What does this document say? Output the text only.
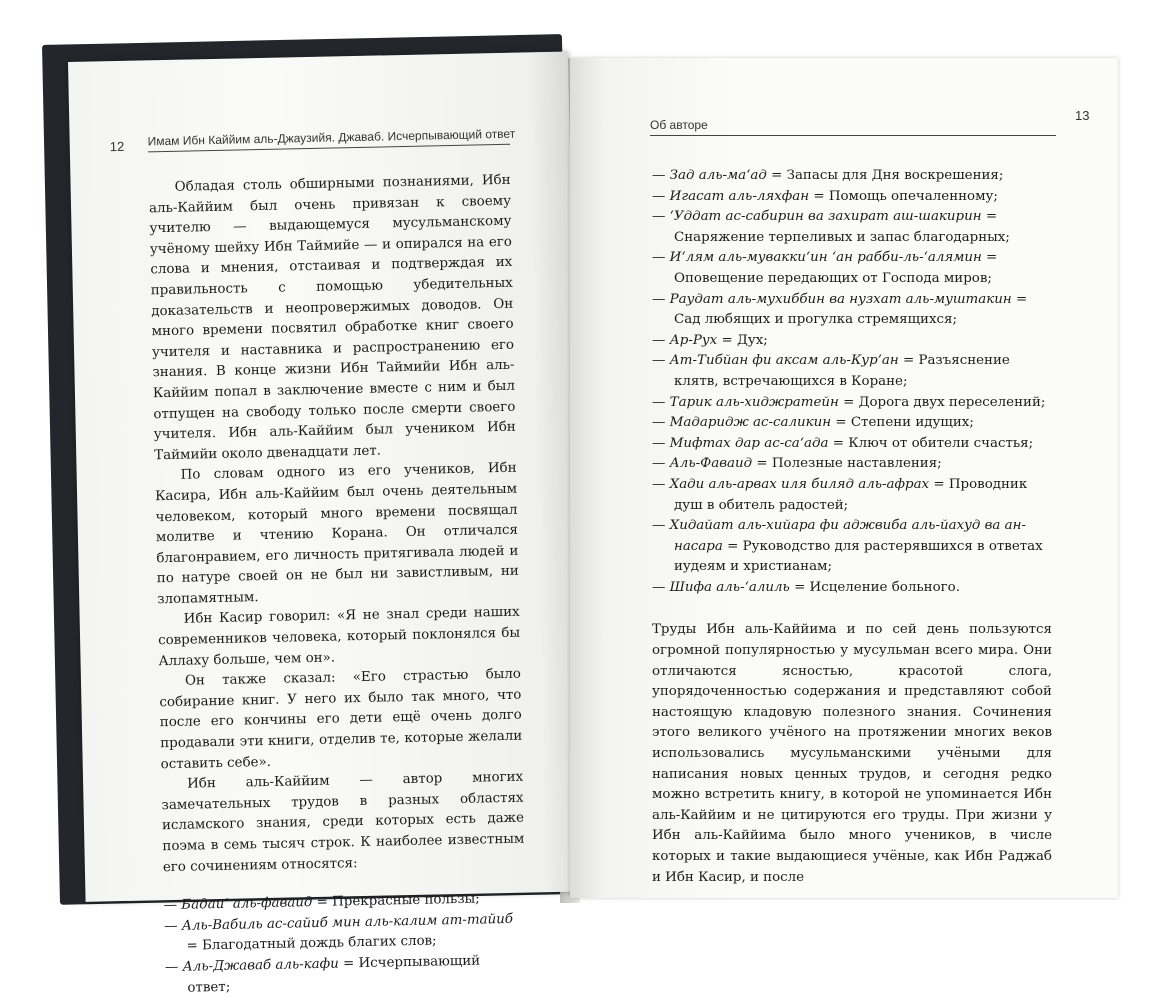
12 Имам Ибн Каййим аль-Джаузийя. Джаваб. Исчерпывающий ответ

Обладая столь обширными познаниями, Ибн аль-Каййим был очень привязан к своему учителю — выдающемуся мусульманскому учёному шейху Ибн Таймийе — и опирался на его слова и мнения, отстаивая и подтверждая их правильность с помощью убедительных доказательств и неопровержимых доводов. Он много времени посвятил обработке книг своего учителя и наставника и распространению его знания. В конце жизни Ибн Таймийи Ибн аль-Каййим попал в заключение вместе с ним и был отпущен на свободу только после смерти своего учителя. Ибн аль-Каййим был учеником Ибн Таймийи около двенадцати лет.

По словам одного из его учеников, Ибн Касира, Ибн аль-Каййим был очень деятельным человеком, который много времени посвящал молитве и чтению Корана. Он отличался благонравием, его личность притягивала людей и по натуре своей он не был ни завистливым, ни злопамятным.

Ибн Касир говорил: «Я не знал среди наших современников человека, который поклонялся бы Аллаху больше, чем он».

Он также сказал: «Его страстью было собирание книг. У него их было так много, что после его кончины его дети ещё очень долго продавали эти книги, отделив те, которые желали оставить себе».

Ибн аль-Каййим — автор многих замечательных трудов в разных областях исламского знания, среди которых есть даже поэма в семь тысяч строк. К наиболее известным его сочинениям относятся:

— Бадаи‘ аль-фаваид = Прекрасные пользы;
— Аль-Вабиль ас-сайиб мин аль-калим ат-тайиб = Благодатный дождь благих слов;
— Аль-Джаваб аль-кафи = Исчерпывающий ответ;
Об авторе
13
— Зад аль-ма‘ад = Запасы для Дня воскрешения;
— Игасат аль-ляхфан = Помощь опечаленному;
— ‘Уддат ас-сабирин ва захират аш-шакирин = Снаряжение терпеливых и запас благодарных;
— И‘лям аль-мувакки‘ин ‘ан рабби-ль-‘алямин = Оповещение передающих от Господа миров;
— Раудат аль-мухиббин ва нузхат аль-муштакин = Сад любящих и прогулка стремящихся;
— Ар-Рух = Дух;
— Ат-Тибйан фи аксам аль-Кур’ан = Разъяснение клятв, встречающихся в Коране;
— Тарик аль-хиджратейн = Дорога двух переселений;
— Мадаридж ас-саликин = Степени идущих;
— Мифтах дар ас-са‘ада = Ключ от обители счастья;
— Аль-Фаваид = Полезные наставления;
— Хади аль-арвах иля биляд аль-афрах = Проводник душ в обитель радостей;
— Хидайат аль-хийара фи аджвиба аль-йахуд ва ан-насара = Руководство для растерявшихся в ответах иудеям и христианам;
— Шифа аль-‘алиль = Исцеление больного.

Труды Ибн аль-Каййима и по сей день пользуются огромной популярностью у мусульман всего мира. Они отличаются ясностью, красотой слога, упорядоченностью содержания и представляют собой настоящую кладовую полезного знания. Сочинения этого великого учёного на протяжении многих веков использовались мусульманскими учёными для написания новых ценных трудов, и сегодня редко можно встретить книгу, в которой не упоминается Ибн аль-Каййим и не цитируются его труды. При жизни у Ибн аль-Каййима было много учеников, в числе которых и такие выдающиеся учёные, как Ибн Раджаб и Ибн Касир, и после
